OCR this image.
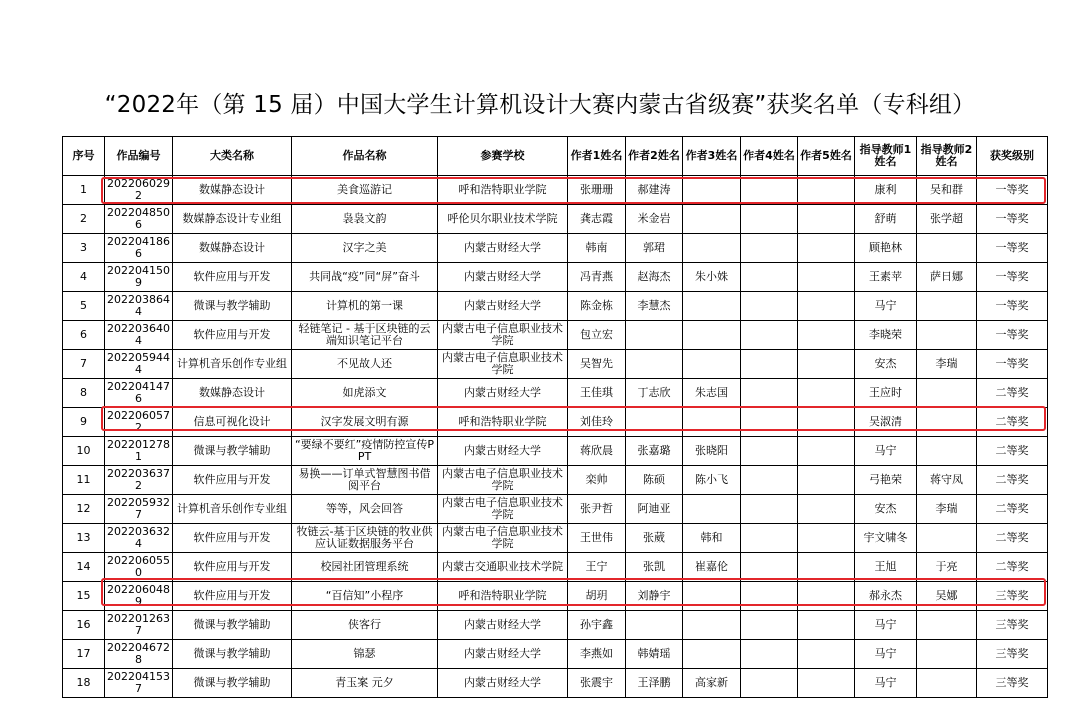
“2022年（第 15 届）中国大学生计算机设计大赛内蒙古省级赛”获奖名单（专科组）
序号	作品编号	大类名称	作品名称	参赛学校	作者1姓名	作者2姓名	作者3姓名	作者4姓名	作者5姓名	指导教师1姓名	指导教师2姓名	获奖级别
1	2022060292	数媒静态设计	美食巡游记	呼和浩特职业学院	张珊珊	郝建涛				康利	吴和群	一等奖
2	2022048506	数媒静态设计专业组	袅袅文韵	呼伦贝尔职业技术学院	龚志霞	米金岩				舒萌	张学超	一等奖
3	2022041866	数媒静态设计	汉字之美	内蒙古财经大学	韩南	郭珺				顾艳林		一等奖
4	2022041509	软件应用与开发	共同战“疫”同“屏”奋斗	内蒙古财经大学	冯青燕	赵海杰	朱小姝			王素苹	萨日娜	一等奖
5	2022038644	微课与教学辅助	计算机的第一课	内蒙古财经大学	陈金栋	李慧杰				马宁		一等奖
6	2022036404	软件应用与开发	轻链笔记 - 基于区块链的云端知识笔记平台	内蒙古电子信息职业技术学院	包立宏					李晓荣		一等奖
7	2022059444	计算机音乐创作专业组	不见故人还	内蒙古电子信息职业技术学院	吴智先					安杰	李瑞	一等奖
8	2022041476	数媒静态设计	如虎添文	内蒙古财经大学	王佳琪	丁志欣	朱志国			王应时		二等奖
9	2022060572	信息可视化设计	汉字发展文明有源	呼和浩特职业学院	刘佳玲					吴淑清		二等奖
10	2022012781	微课与教学辅助	“要绿不要红”疫情防控宣传PPT	内蒙古财经大学	蒋欣晨	张嘉璐	张晓阳			马宁		二等奖
11	2022036372	软件应用与开发	易换——订单式智慧图书借阅平台	内蒙古电子信息职业技术学院	栾帅	陈硕	陈小飞			弓艳荣	蒋守凤	二等奖
12	2022059327	计算机音乐创作专业组	等等，风会回答	内蒙古电子信息职业技术学院	张尹哲	阿迪亚				安杰	李瑞	二等奖
13	2022036324	软件应用与开发	牧链云-基于区块链的牧业供应认证数据服务平台	内蒙古电子信息职业技术学院	王世伟	张葳	韩和			宇文啸冬		二等奖
14	2022060550	软件应用与开发	校园社团管理系统	内蒙古交通职业技术学院	王宁	张凯	崔嘉伦			王旭	于亮	二等奖
15	2022060489	软件应用与开发	“百信知”小程序	呼和浩特职业学院	胡玥	刘静宇				郝永杰	吴娜	三等奖
16	2022012637	微课与教学辅助	侠客行	内蒙古财经大学	孙宇鑫					马宁		三等奖
17	2022046728	微课与教学辅助	锦瑟	内蒙古财经大学	李燕如	韩婧瑶				马宁		三等奖
18	2022041537	微课与教学辅助	青玉案 元夕	内蒙古财经大学	张震宇	王泽鹏	高家新			马宁		三等奖
